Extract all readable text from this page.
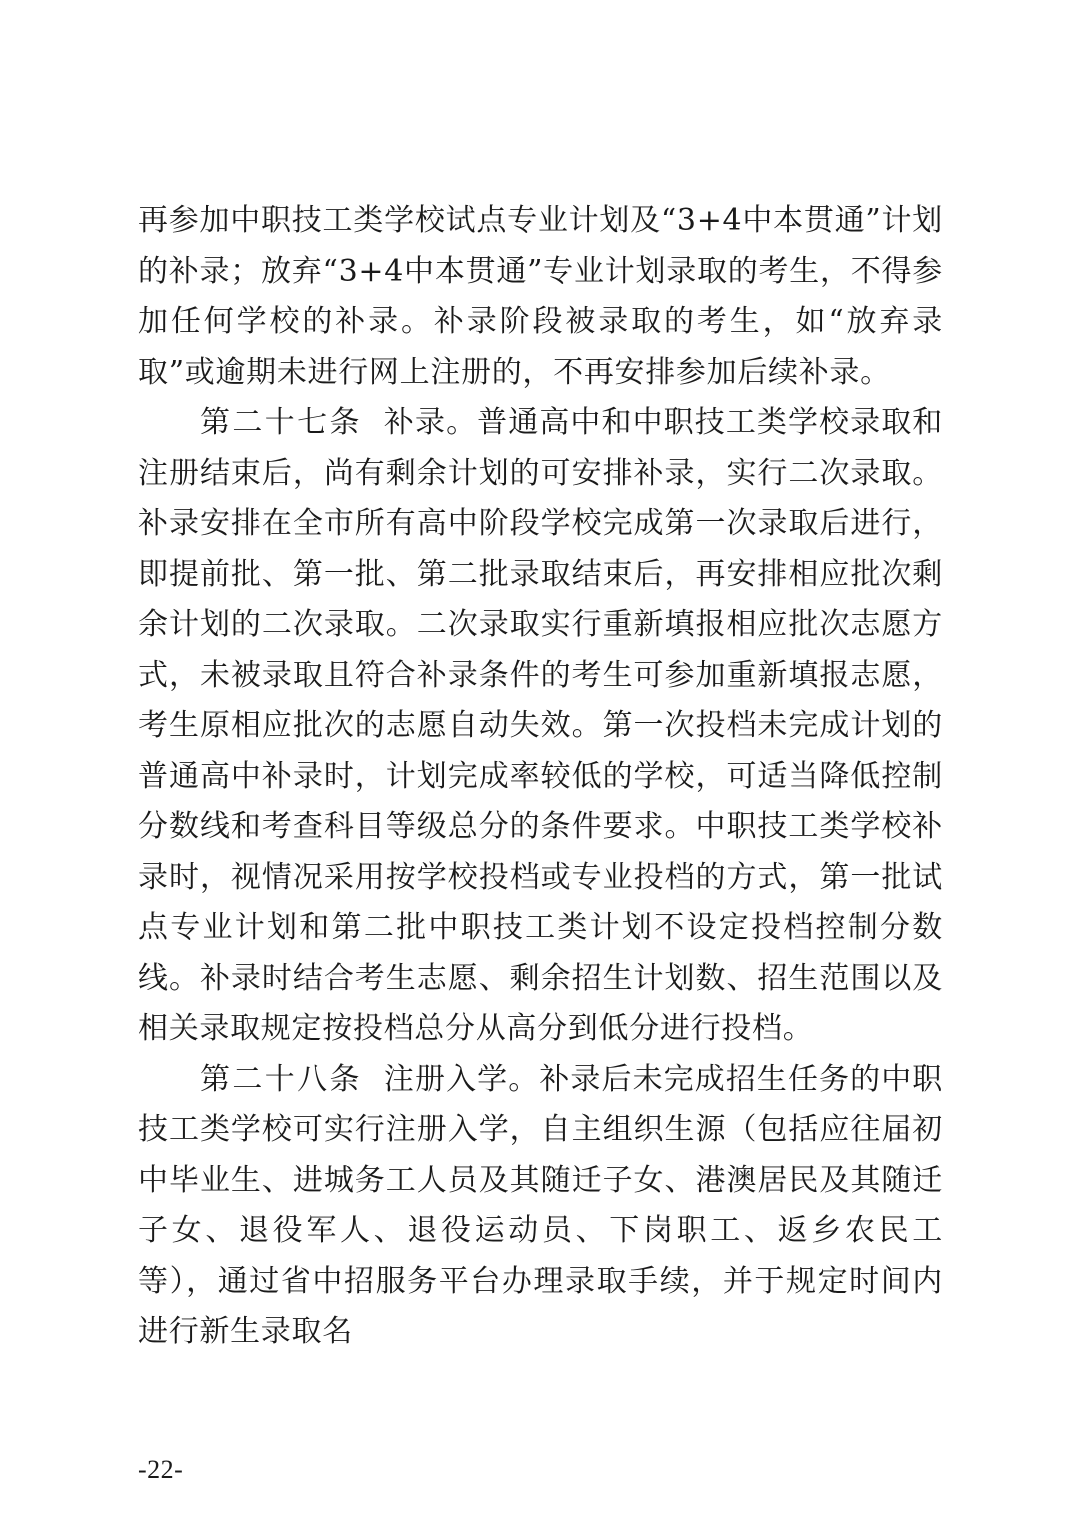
再参加中职技工类学校试点专业计划及“3+4中本贯通”计划的补录；放弃“3+4中本贯通”专业计划录取的考生，不得参加任何学校的补录。补录阶段被录取的考生，如“放弃录取”或逾期未进行网上注册的，不再安排参加后续补录。

第二十七条 补录。普通高中和中职技工类学校录取和注册结束后，尚有剩余计划的可安排补录，实行二次录取。补录安排在全市所有高中阶段学校完成第一次录取后进行，即提前批、第一批、第二批录取结束后，再安排相应批次剩余计划的二次录取。二次录取实行重新填报相应批次志愿方式，未被录取且符合补录条件的考生可参加重新填报志愿，考生原相应批次的志愿自动失效。第一次投档未完成计划的普通高中补录时，计划完成率较低的学校，可适当降低控制分数线和考查科目等级总分的条件要求。中职技工类学校补录时，视情况采用按学校投档或专业投档的方式，第一批试点专业计划和第二批中职技工类计划不设定投档控制分数线。补录时结合考生志愿、剩余招生计划数、招生范围以及相关录取规定按投档总分从高分到低分进行投档。

第二十八条 注册入学。补录后未完成招生任务的中职技工类学校可实行注册入学，自主组织生源（包括应往届初中毕业生、进城务工人员及其随迁子女、港澳居民及其随迁子女、退役军人、退役运动员、下岗职工、返乡农民工等），通过省中招服务平台办理录取手续，并于规定时间内进行新生录取名

-22-
